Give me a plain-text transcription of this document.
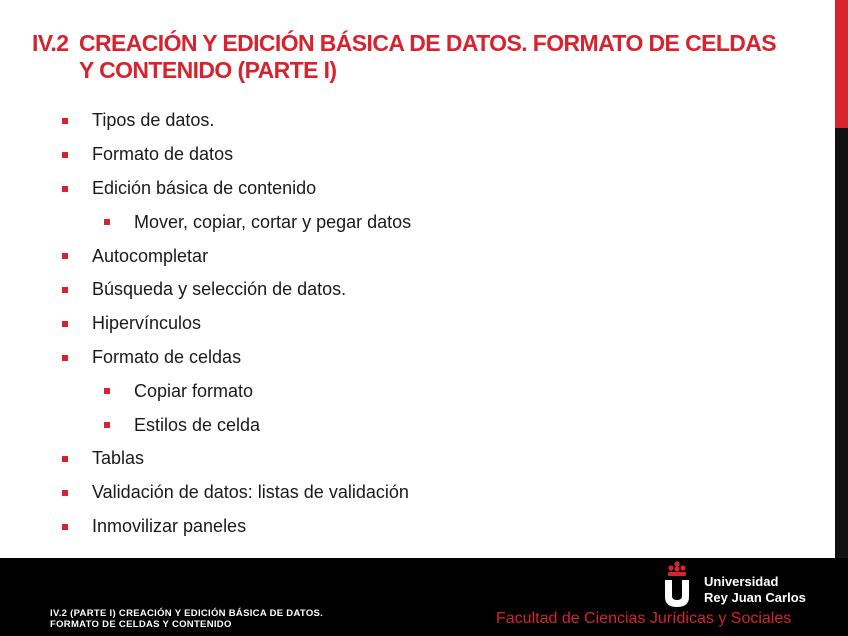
IV.2 CREACIÓN Y EDICIÓN BÁSICA DE DATOS. FORMATO DE CELDAS
Y CONTENIDO (PARTE I)
Tipos de datos.
Formato de datos
Edición básica de contenido
Mover, copiar, cortar y pegar datos
Autocompletar
Búsqueda y selección de datos.
Hipervínculos
Formato de celdas
Copiar formato
Estilos de celda
Tablas
Validación de datos: listas de validación
Inmovilizar paneles
Universidad
Rey Juan Carlos
IV.2 (PARTE I) CREACIÓN Y EDICIÓN BÁSICA DE DATOS.
FORMATO DE CELDAS Y CONTENIDO	Facultad de Ciencias Jurídicas y Sociales
